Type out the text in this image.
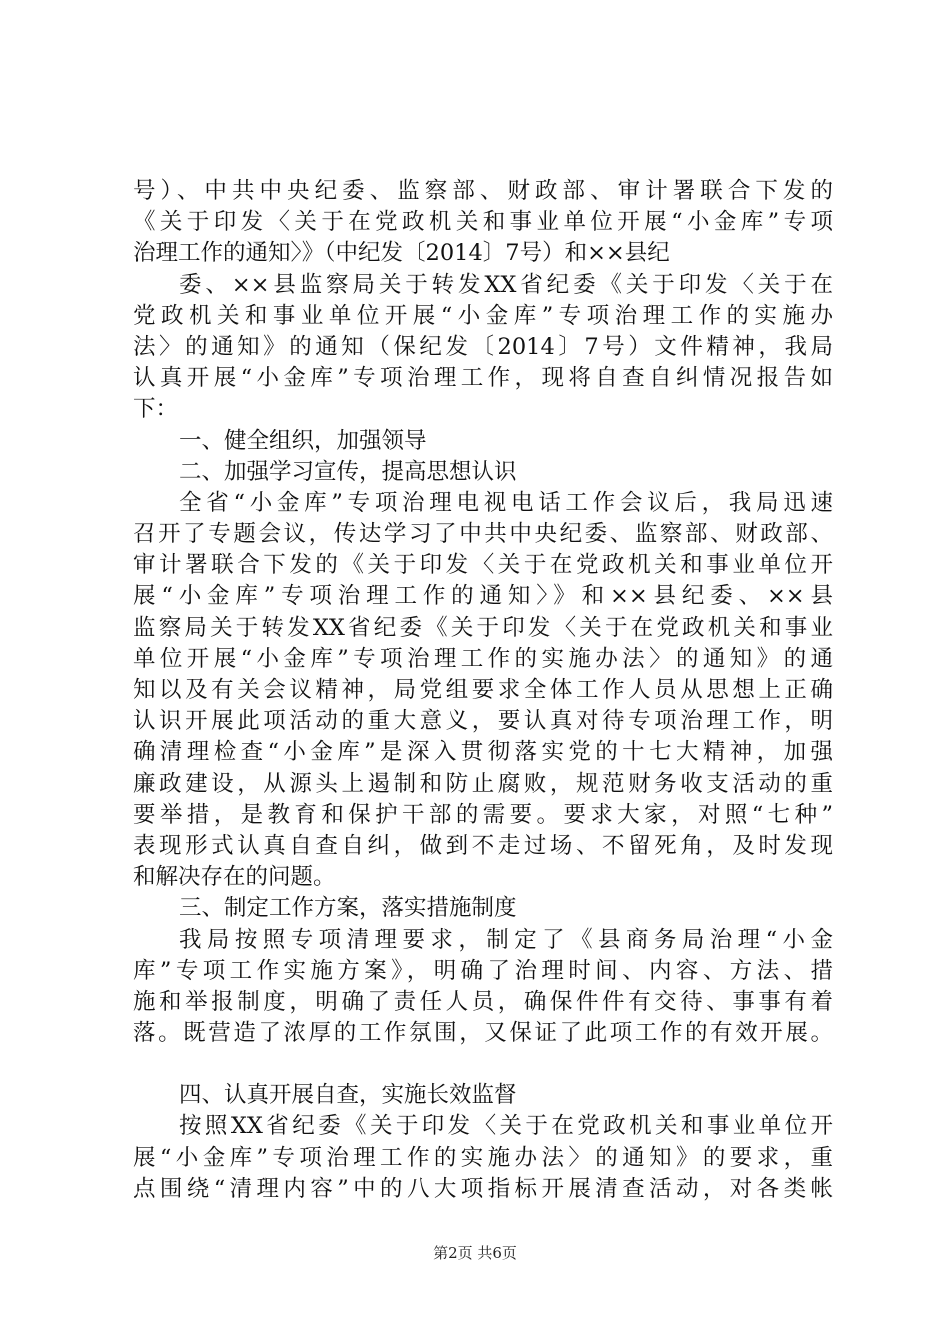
号）、中共中央纪委、监察部、财政部、审计署联合下发的
《关于印发〈关于在党政机关和事业单位开展“小金库”专项
治理工作的通知〉》（中纪发〔2014〕7号）和××县纪
委、××县监察局关于转发XX省纪委《关于印发〈关于在
党政机关和事业单位开展“小金库”专项治理工作的实施办
法〉的通知》的通知（保纪发〔2014〕7号）文件精神，我局
认真开展“小金库”专项治理工作，现将自查自纠情况报告如
下：
一、健全组织，加强领导
二、加强学习宣传，提高思想认识
全省“小金库”专项治理电视电话工作会议后，我局迅速
召开了专题会议，传达学习了中共中央纪委、监察部、财政部、
审计署联合下发的《关于印发〈关于在党政机关和事业单位开
展“小金库”专项治理工作的通知〉》和××县纪委、××县
监察局关于转发XX省纪委《关于印发〈关于在党政机关和事业
单位开展“小金库”专项治理工作的实施办法〉的通知》的通
知以及有关会议精神，局党组要求全体工作人员从思想上正确
认识开展此项活动的重大意义，要认真对待专项治理工作，明
确清理检查“小金库”是深入贯彻落实党的十七大精神，加强
廉政建设，从源头上遏制和防止腐败，规范财务收支活动的重
要举措，是教育和保护干部的需要。要求大家，对照“七种”
表现形式认真自查自纠，做到不走过场、不留死角，及时发现
和解决存在的问题。
三、制定工作方案，落实措施制度
我局按照专项清理要求，制定了《县商务局治理“小金
库”专项工作实施方案》，明确了治理时间、内容、方法、措
施和举报制度，明确了责任人员，确保件件有交待、事事有着
落。既营造了浓厚的工作氛围，又保证了此项工作的有效开展。
四、认真开展自查，实施长效监督
按照XX省纪委《关于印发〈关于在党政机关和事业单位开
展“小金库”专项治理工作的实施办法〉的通知》的要求，重
点围绕“清理内容”中的八大项指标开展清查活动，对各类帐
第2页 共6页
